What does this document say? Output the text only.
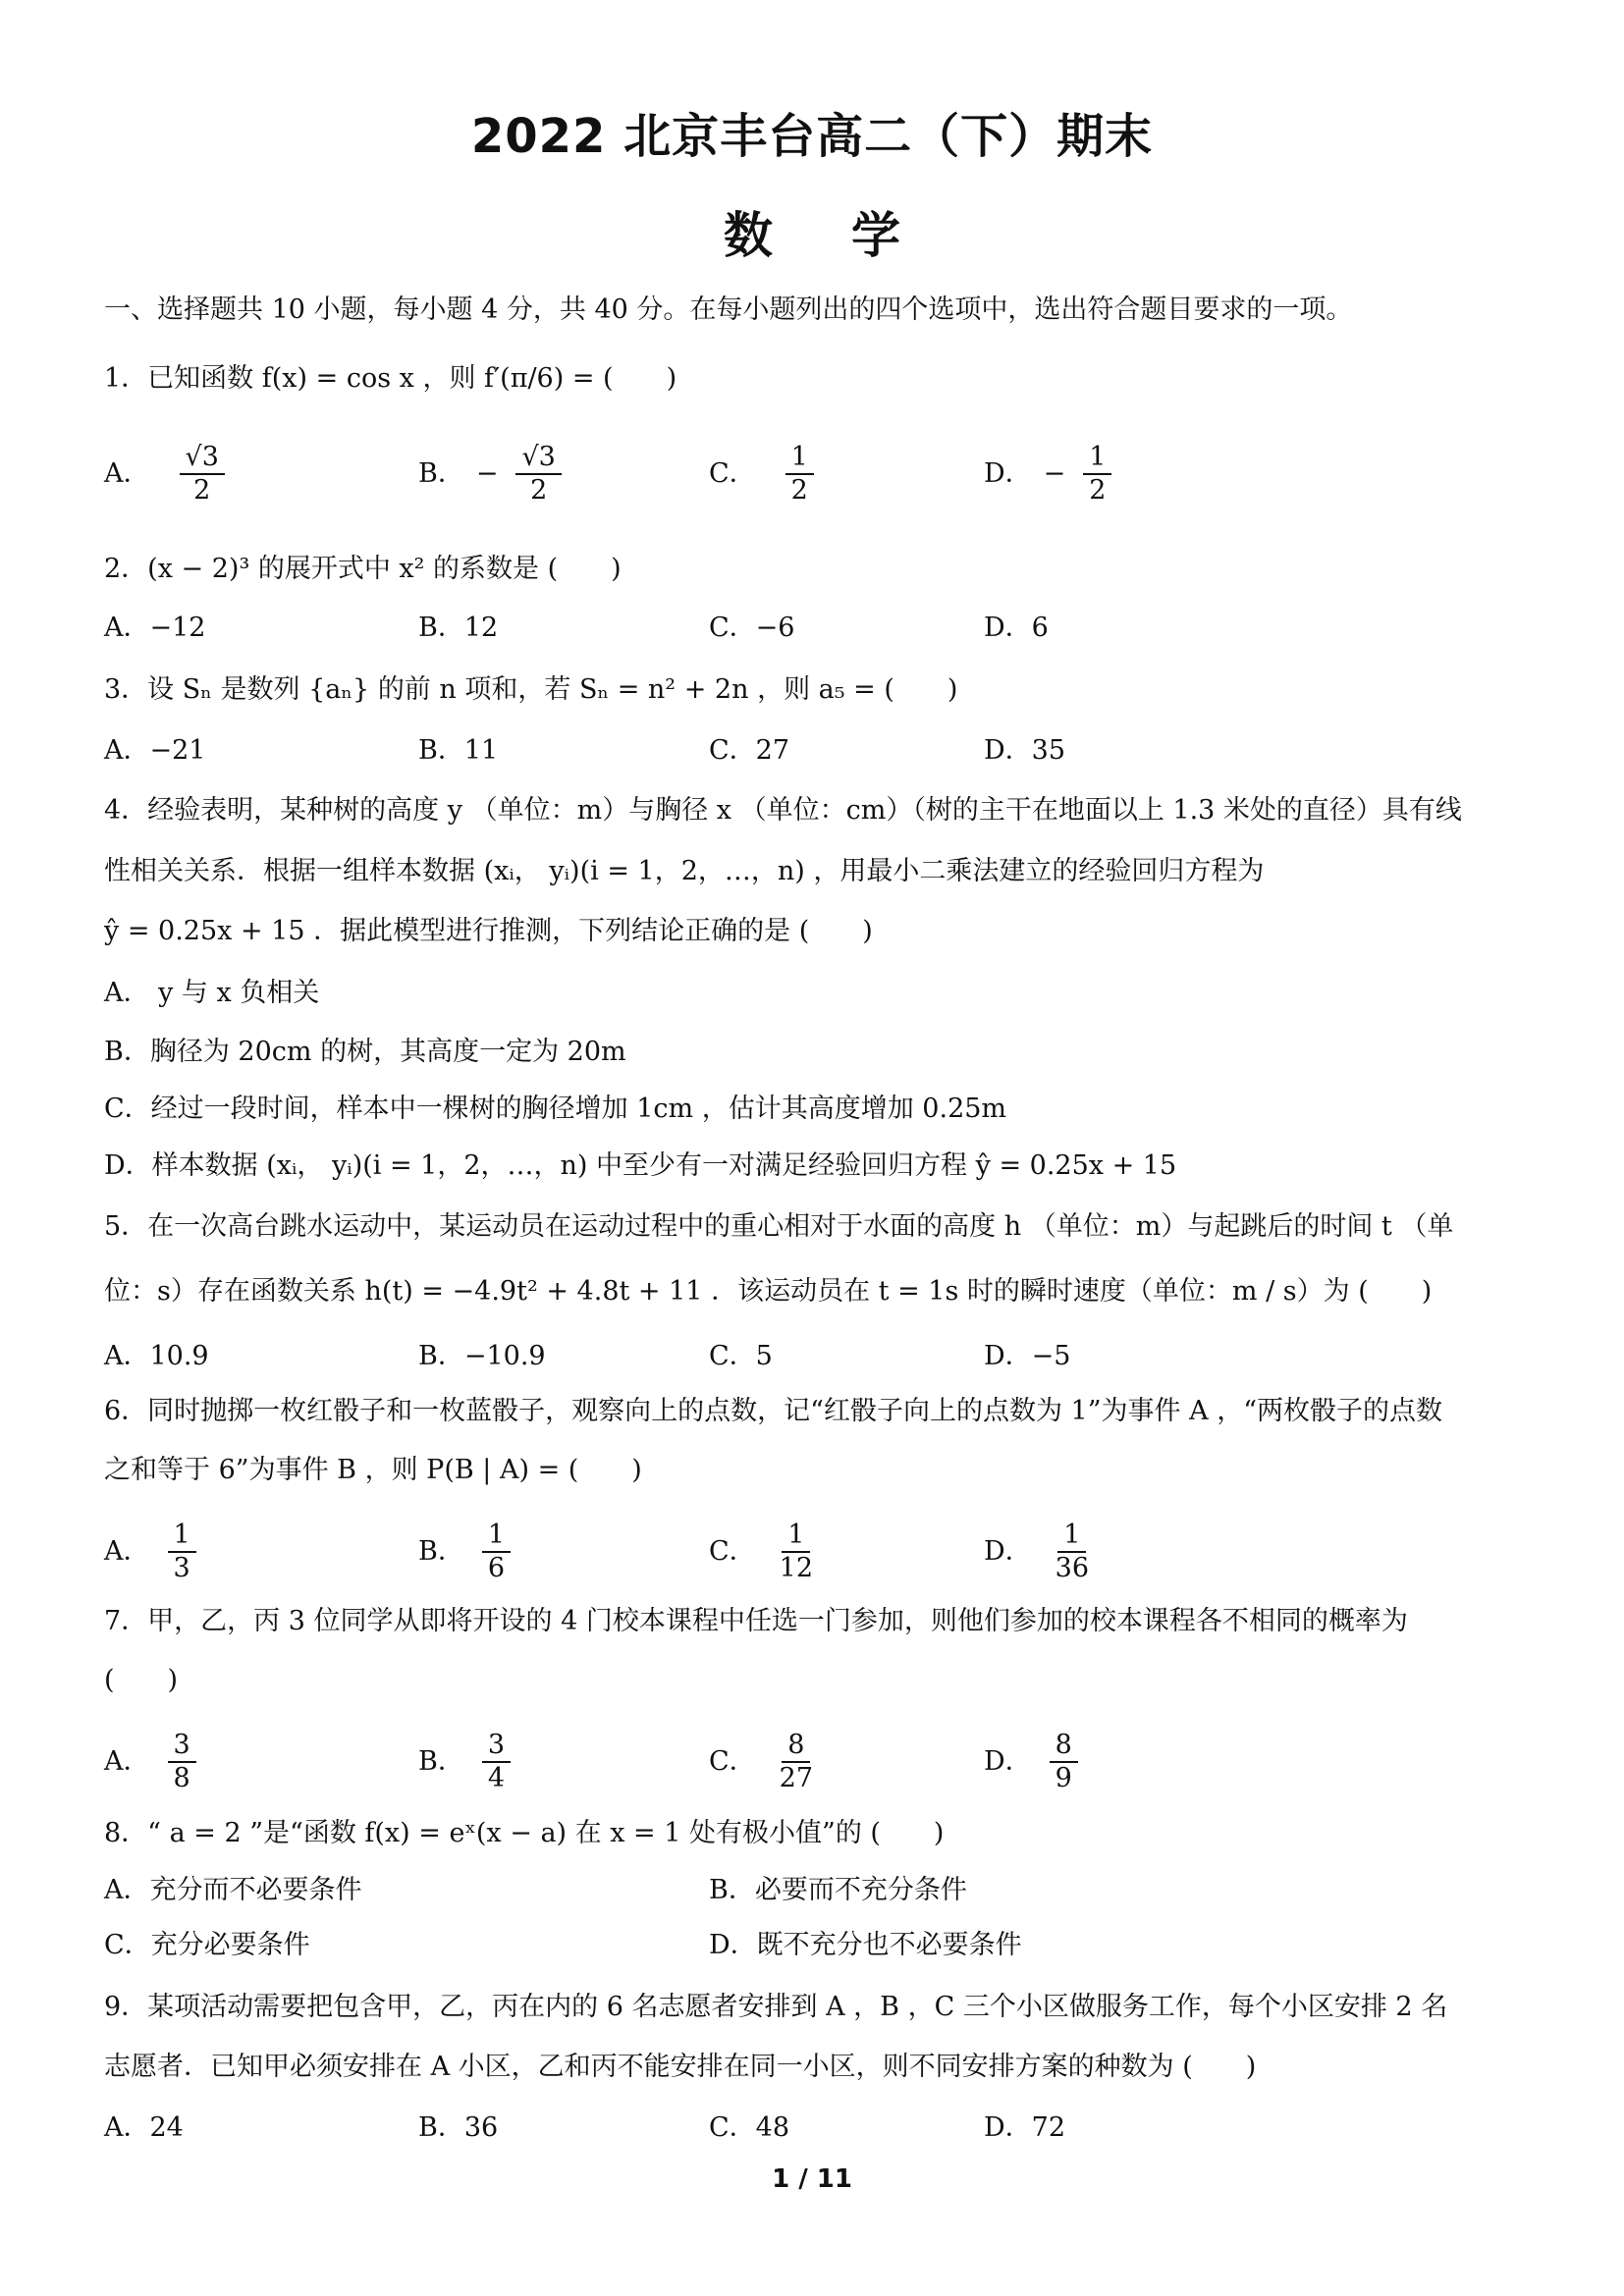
2022 北京丰台高二（下）期末
数学
一、选择题共 10 小题，每小题 4 分，共 40 分。在每小题列出的四个选项中，选出符合题目要求的一项。
1．已知函数 f(x) = cos x ，则 f′(π/6) = (　　)
A． $\frac{√3}{2}$	B． − $\frac{√3}{2}$	C． $\frac{1}{2}$	D． − $\frac{1}{2}$
2．(x − 2)³ 的展开式中 x² 的系数是 (　　)
A．−12	B．12	C．−6	D．6
3．设 Sₙ 是数列 {aₙ} 的前 n 项和，若 Sₙ = n² + 2n ，则 a₅ = (　　)
A．−21	B．11	C．27	D．35
4．经验表明，某种树的高度 y （单位：m）与胸径 x （单位：cm）（树的主干在地面以上 1.3 米处的直径）具有线
性相关关系．根据一组样本数据 (xᵢ， yᵢ)(i = 1，2，…，n) ，用最小二乘法建立的经验回归方程为
ŷ = 0.25x + 15 ．据此模型进行推测，下列结论正确的是 (　　)
A． y 与 x 负相关
B．胸径为 20cm 的树，其高度一定为 20m
C．经过一段时间，样本中一棵树的胸径增加 1cm ，估计其高度增加 0.25m
D．样本数据 (xᵢ， yᵢ)(i = 1，2，…，n) 中至少有一对满足经验回归方程 ŷ = 0.25x + 15
5．在一次高台跳水运动中，某运动员在运动过程中的重心相对于水面的高度 h （单位：m）与起跳后的时间 t （单
位：s）存在函数关系 h(t) = −4.9t² + 4.8t + 11 ．该运动员在 t = 1s 时的瞬时速度（单位：m / s）为 (　　)
A．10.9	B．−10.9	C．5	D．−5
6．同时抛掷一枚红骰子和一枚蓝骰子，观察向上的点数，记“红骰子向上的点数为 1”为事件 A ，“两枚骰子的点数
之和等于 6”为事件 B ，则 P(B | A) = (　　)
A． $\frac{1}{3}$	B． $\frac{1}{6}$	C． $\frac{1}{12}$	D． $\frac{1}{36}$
7．甲，乙，丙 3 位同学从即将开设的 4 门校本课程中任选一门参加，则他们参加的校本课程各不相同的概率为
(　　)
A． $\frac{3}{8}$	B． $\frac{3}{4}$	C． $\frac{8}{27}$	D． $\frac{8}{9}$
8．“ a = 2 ”是“函数 f(x) = eˣ(x − a) 在 x = 1 处有极小值”的 (　　)
A．充分而不必要条件	B．必要而不充分条件
C．充分必要条件	D．既不充分也不必要条件
9．某项活动需要把包含甲，乙，丙在内的 6 名志愿者安排到 A ，B ，C 三个小区做服务工作，每个小区安排 2 名
志愿者．已知甲必须安排在 A 小区，乙和丙不能安排在同一小区，则不同安排方案的种数为 (　　)
A．24	B．36	C．48	D．72
1 / 11
